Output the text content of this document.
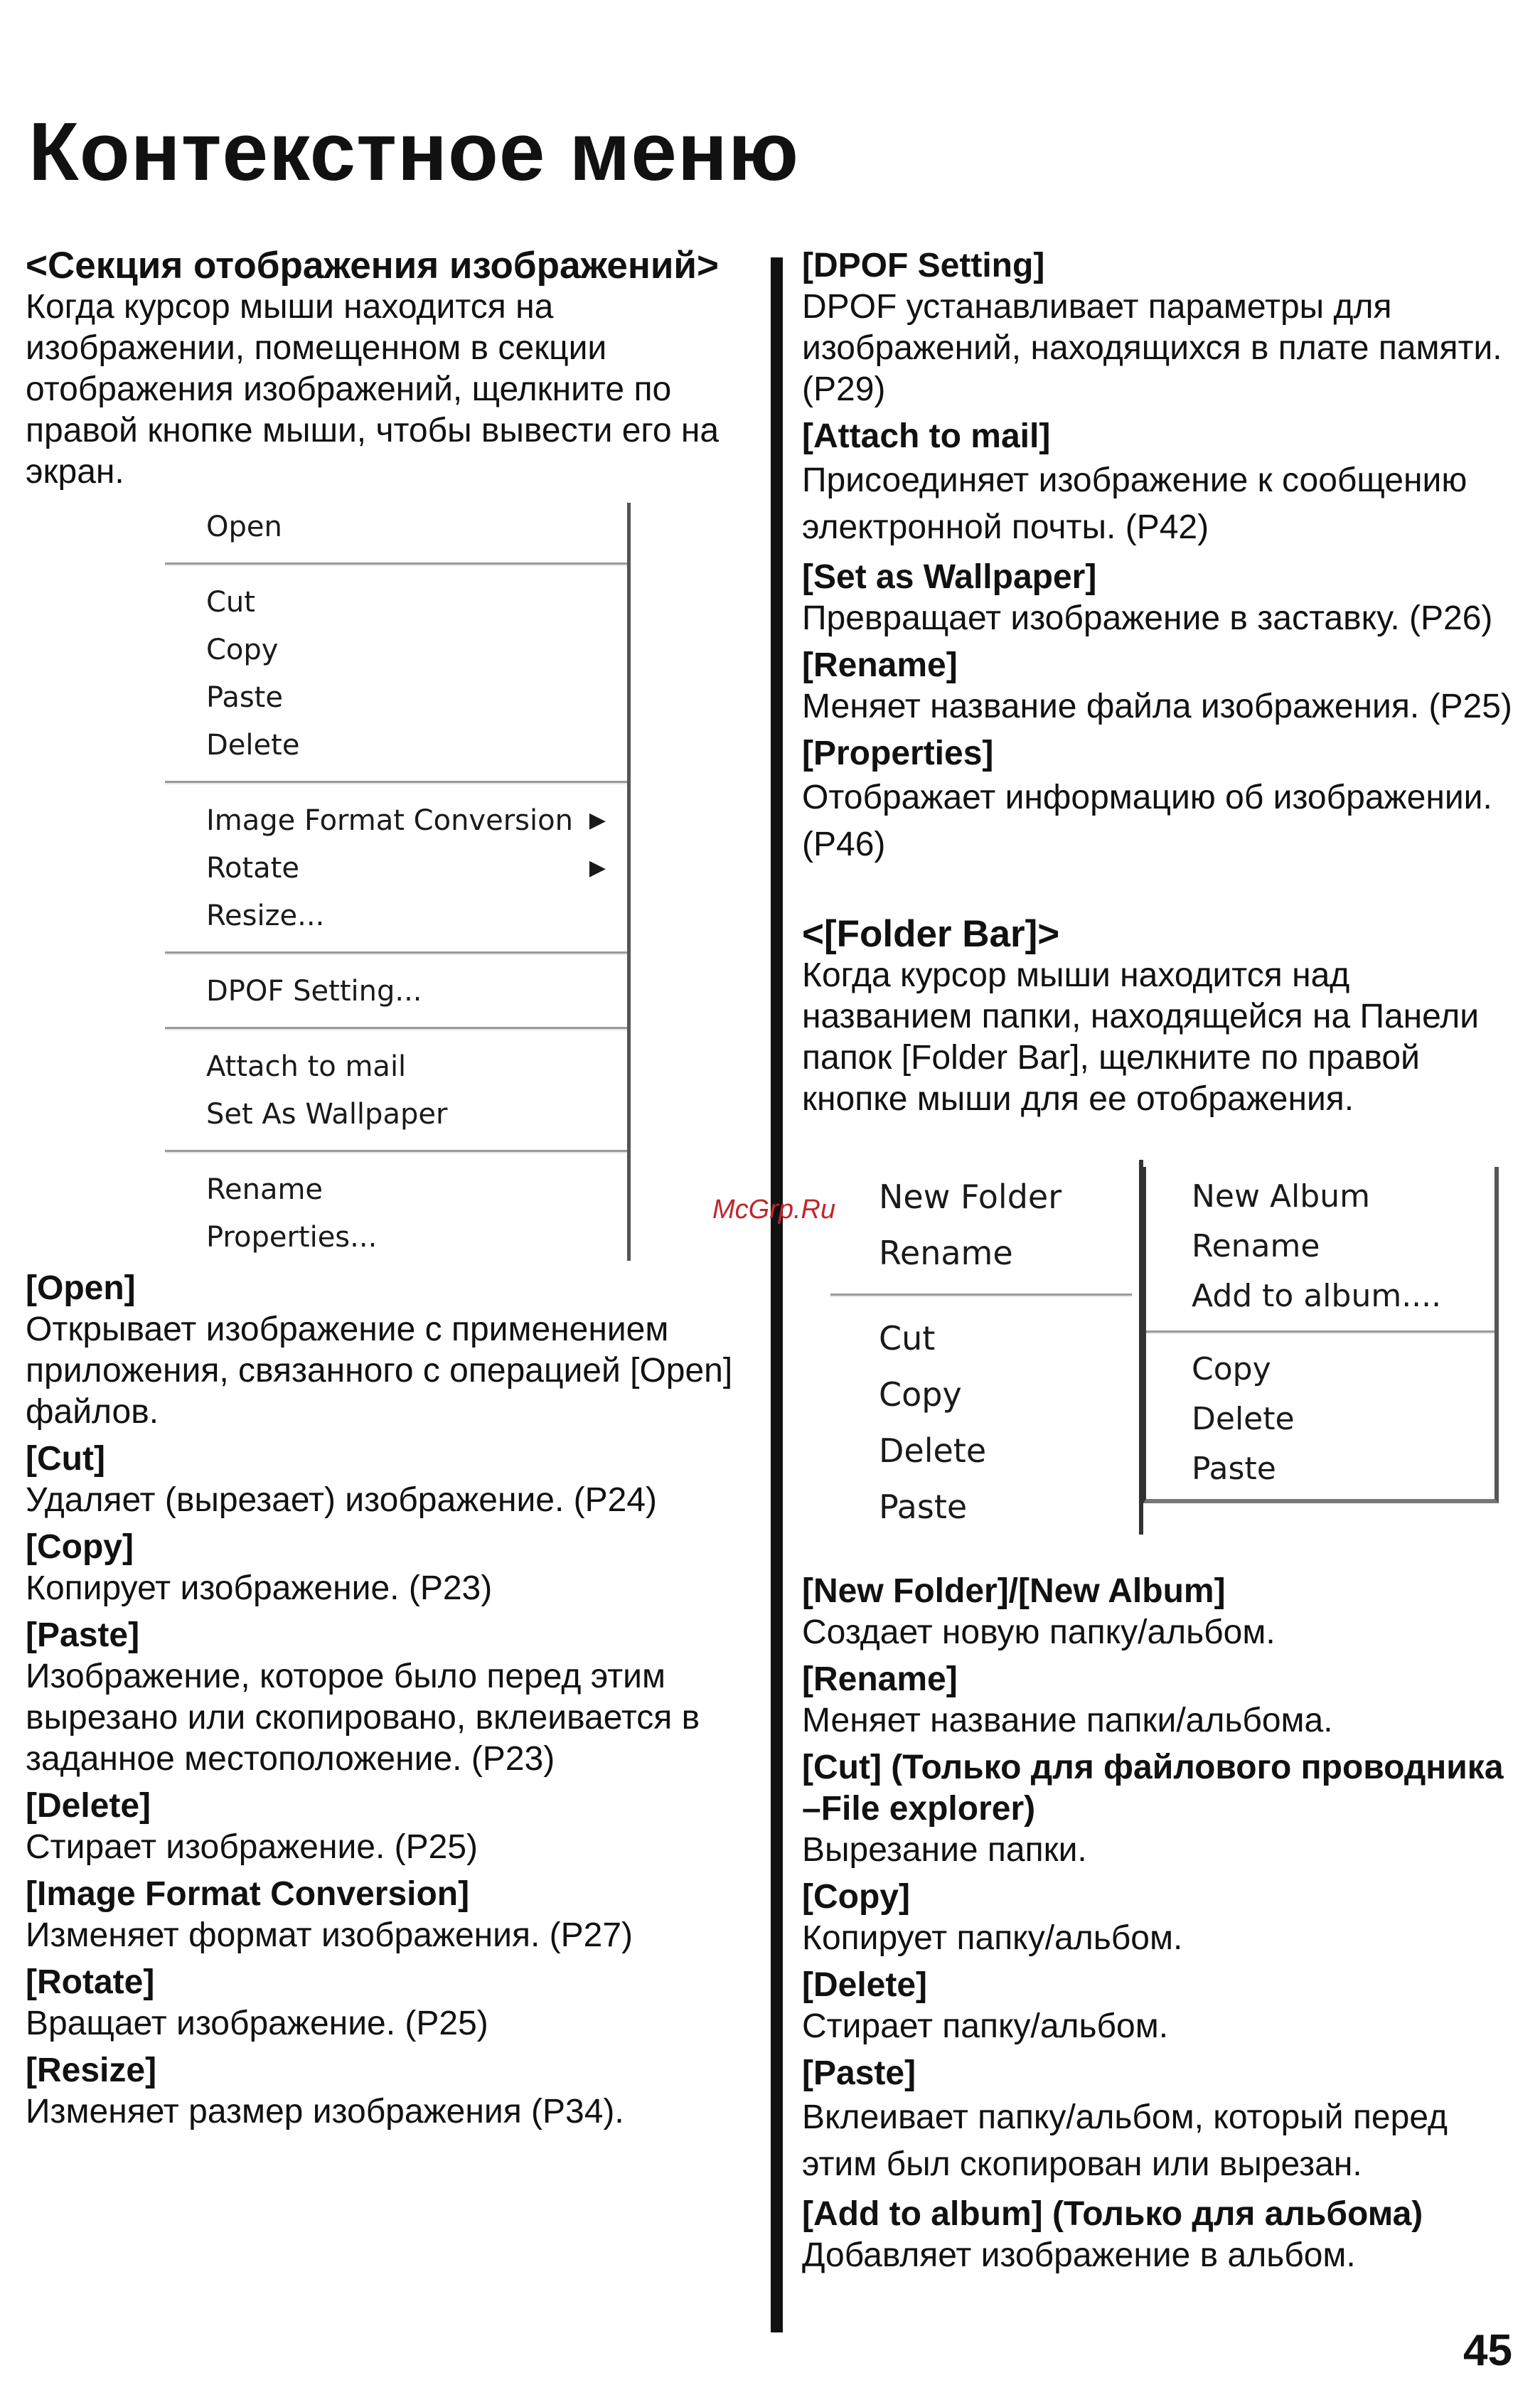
Контекстное меню

<Секция отображения изображений>

Когда курсор мыши находится на изображении, помещенном в секции отображения изображений, щелкните по правой кнопке мыши, чтобы вывести его на экран.

Open
Cut
Copy
Paste
Delete
Image Format Conversion ▶
Rotate	▶
Resize...
DPOF Setting...
Attach to mail
Set As Wallpaper
Rename
Properties...

[Open]

Открывает изображение с применением приложения, связанного с операцией [Open] файлов.

[Cut]

Удаляет (вырезает) изображение. (P24)

[Copy]

Копирует изображение. (P23)

[Paste]

Изображение, которое было перед этим вырезано или скопировано, вклеивается в заданное местоположение. (P23)

[Delete]

Стирает изображение. (P25)

[Image Format Conversion]

Изменяет формат изображения. (P27)

[Rotate]

Вращает изображение. (P25)

[Resize]

Изменяет размер изображения (P34).

[DPOF Setting]

DPOF устанавливает параметры для изображений, находящихся в плате памяти. (P29)

[Attach to mail]

Присоединяет изображение к сообщению электронной почты. (P42)

[Set as Wallpaper]

Превращает изображение в заставку. (P26)

[Rename]

Меняет название файла изображения. (P25)

[Properties]

Отображает информацию об изображении. (P46)

<[Folder Bar]>

Когда курсор мыши находится над названием папки, находящейся на Панели папок [Folder Bar], щелкните по правой кнопке мыши для ее отображения.

New Folder
Rename
Cut
Copy
Delete
Paste
New Album
Rename
Add to album....
Copy
Delete
Paste

[New Folder]/[New Album]

Создает новую папку/альбом.

[Rename]

Меняет название папки/альбома.

[Cut] (Только для файлового проводника –File explorer)

Вырезание папки.

[Copy]

Копирует папку/альбом.

[Delete]

Стирает папку/альбом.

[Paste]

Вклеивает папку/альбом, который перед этим был скопирован или вырезан.

[Add to album] (Только для альбома)

Добавляет изображение в альбом.

McGrp.Ru
45
